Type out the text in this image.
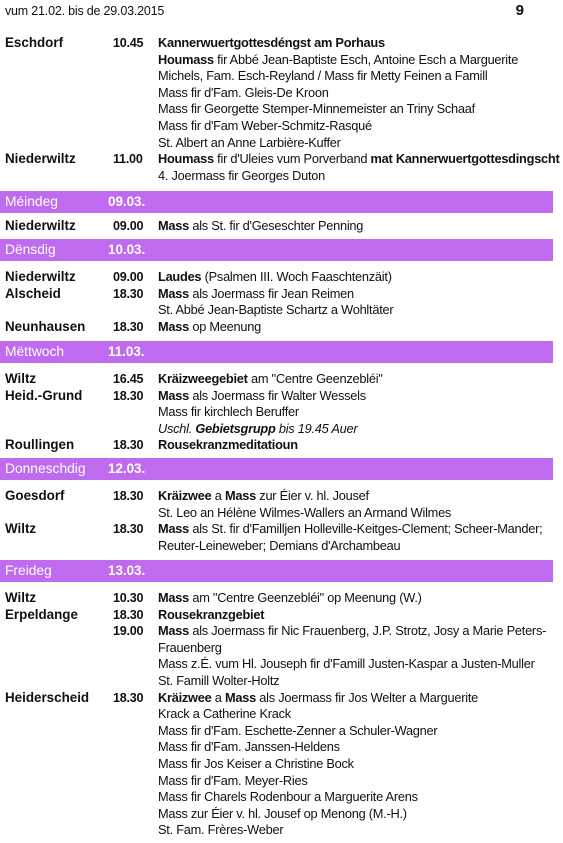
vum 21.02. bis de 29.03.2015	9
Eschdorf	10.45 Kannerwuertgottesdéngst am Porhaus
Houmass fir Abbé Jean-Baptiste Esch, Antoine Esch a Marguerite
Michels, Fam. Esch-Reyland / Mass fir Metty Feinen a Famill
Mass fir d'Fam. Gleis-De Kroon
Mass fir Georgette Stemper-Minnemeister an Triny Schaaf
Mass fir d'Fam Weber-Schmitz-Rasqué
St. Albert an Anne Larbière-Kuffer
Niederwiltz	11.00 Houmass fir d'Uleies vum Porverband mat Kannerwuertgottesdingscht
4. Joermass fir Georges Duton
Méindeg	09.03.
Niederwiltz	09.00 Mass als St. fir d'Geseschter Penning
Dënsdig	10.03.
Niederwiltz	09.00 Laudes (Psalmen III. Woch Faaschtenzäit)
Alscheid	18.30 Mass als Joermass fir Jean Reimen
St. Abbé Jean-Baptiste Schartz a Wohltäter
Neunhausen 18.30 Mass op Meenung
Mëttwoch	11.03.
Wiltz	16.45 Kräizweegebiet am "Centre Geenzebléi"
Heid.-Grund 18.30 Mass als Joermass fir Walter Wessels
Mass fir kirchlech Beruffer
Uschl. Gebietsgrupp bis 19.45 Auer
Roullingen	18.30 Rousekranzmeditatioun
Donneschdig 12.03.
Goesdorf	18.30 Kräizwee a Mass zur Éier v. hl. Jousef
St. Leo an Hélène Wilmes-Wallers an Armand Wilmes
Wiltz	18.30 Mass als St. fir d'Familljen Holleville-Keitges-Clement; Scheer-Mander;
Reuter-Leineweber; Demians d'Archambeau
Freideg	13.03.
Wiltz	10.30 Mass am "Centre Geenzebléi" op Meenung (W.)
Erpeldange	18.30 Rousekranzgebiet
19.00 Mass als Joermass fir Nic Frauenberg, J.P. Strotz, Josy a Marie Peters-
Frauenberg
Mass z.É. vum Hl. Jouseph fir d'Famill Justen-Kaspar a Justen-Muller
St. Famill Wolter-Holtz
Heiderscheid 18.30 Kräizwee a Mass als Joermass fir Jos Welter a Marguerite
Krack a Catherine Krack
Mass fir d'Fam. Eschette-Zenner a Schuler-Wagner
Mass fir d'Fam. Janssen-Heldens
Mass fir Jos Keiser a Christine Bock
Mass fir d'Fam. Meyer-Ries
Mass fir Charels Rodenbour a Marguerite Arens
Mass zur Éier v. hl. Jousef op Menong (M.-H.)
St. Fam. Frères-Weber
